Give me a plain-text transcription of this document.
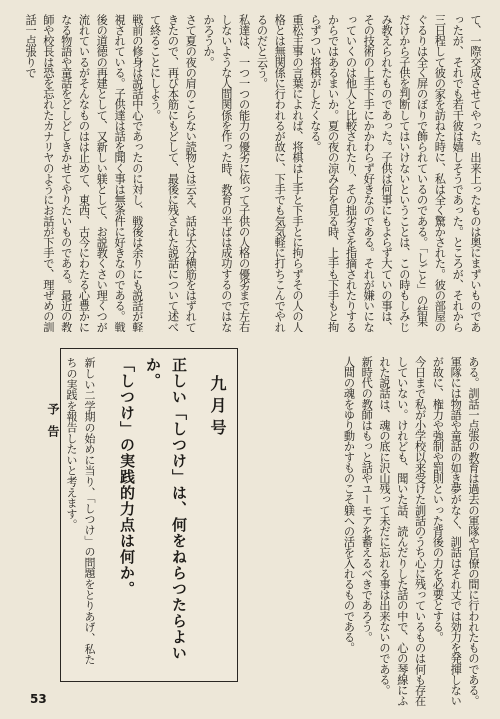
て、一際交成させてやった。出来上ったものは奥にまずいものであったが、それでも若干彼は嬉しそうであった。ところが、それから三日程して彼の家を訪ねた時に、私は全く驚かされた。彼の部屋のぐるりは全く屏のぼりで飾られているのである。「しごと」の結果だけから子供を判断してはいけないということは、この時もしみじみ教えられたものであった。子供は何事にもよらず大ていの事は、その技術の上手下手にかかわらず好きなのである。それが嫌いになっていくのは他人と比較されたり、その拙劣さを指摘されたりするからではあるまいか。夏の夜の涼み台を見る時、上手も下手もと拘らずつい将棋がしたくなる。
重松主事の言葉によれば、将棋は上手と下手とに拘らずその人の人格とは無関係に行われるが故に、下手でも気気軽に打ちこんでやれるのだと云う。
私達は、一つ一つの能力の優劣に依って子供の人格の優劣まで左右しないような人間関係を作った時、教育の半ばは成功するのではなかろうか。
さて夏の夜の肩のこらない読物とは云え、話は大分横筋をはずれてきたので、再び本筋にもどして、最後に残された説話について述べて終ることにしよう。
戦前の修身は説話中心であったのに対し、戦後は余りにも説話が軽視されている。子供達は話を聞く事は無条件に好きなのである。戦後の道徳の再建として、又新しい躾として、お説教くさい理くつが流れているがそんなものはは止めて、東西、古今にわたる心豊かになる物語や童話をどしどしきかせてやりたいものである。最近の教師や校長は恐を忘れたカナリヤのようにお話が下手で、理ぜめの訓話一点張りで
ある。訓話一点張の教育は過去の軍隊や官僚の間に行われたものである。軍隊には物語や童話の如き夢がなく、訓話はそれ丈では効力を発揮しないが故に、権力や強制や罰則といった背後の力を必要とする。
今日まで私が小学校以来受けた訓話のうち心に残っているものは何も存在していない。けれども、聞いた話、読んだりした話の中で、心の琴線にふれた説話は、魂の底に沢山残って未だに忘れる事は出来ないのである。
新時代の教師はもっと話やユーモアを蓄えるべきであろう。
人間の魂をゆり動かすものこそ躾への活を入れるものである。
九月号
正しい「しつけ」は、何をねらつたらよいか。
「しつけ」の実践的力点は何か。
新しい二学期の始めに当り、「しつけ」の問題をとりあげ、私たちの実践を報告したいと考えます。
予告
53
